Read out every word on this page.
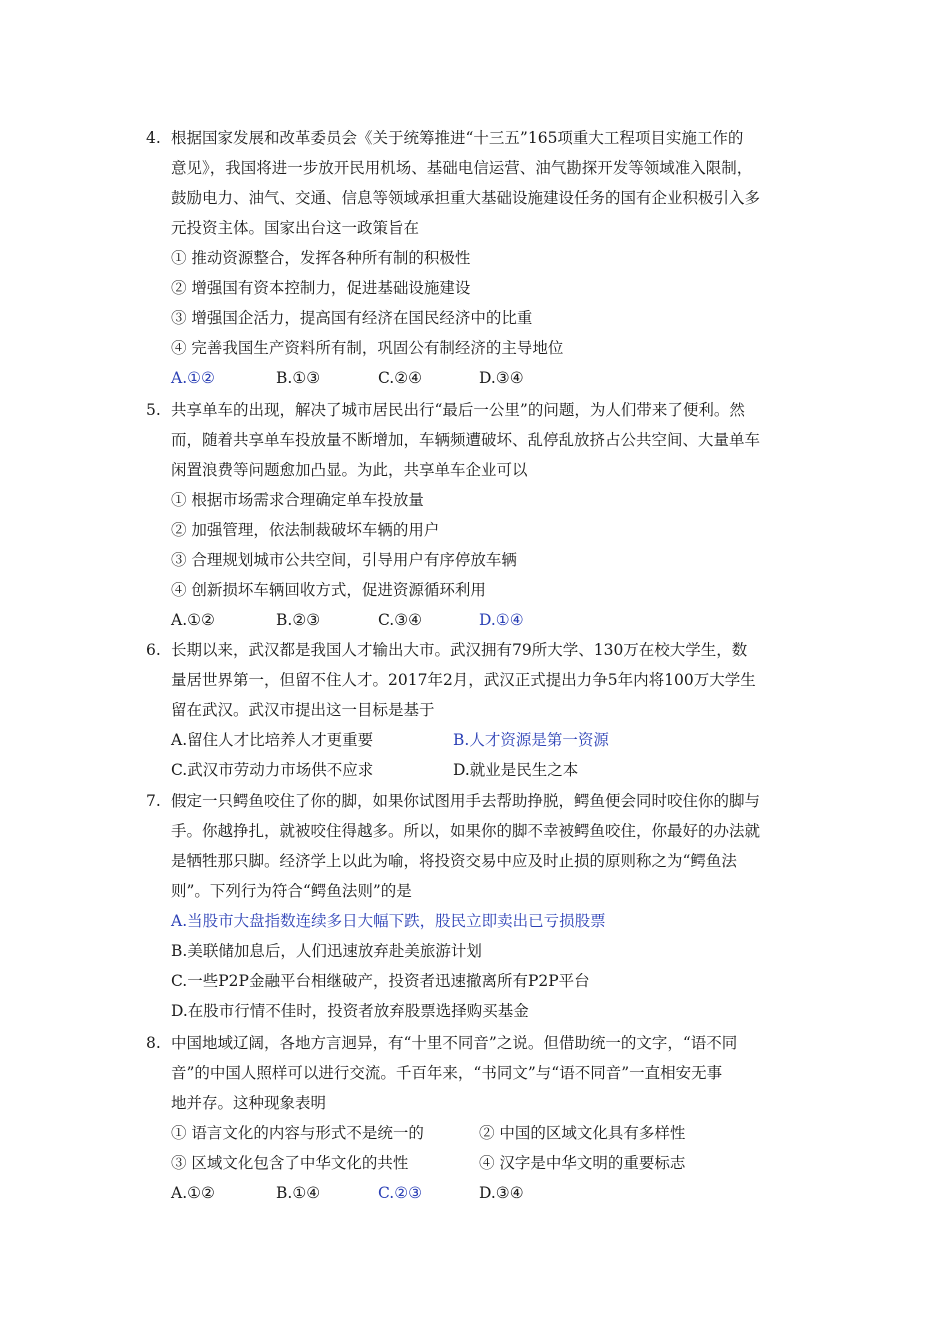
4. 根据国家发展和改革委员会《关于统筹推进“十三五”165项重大工程项目实施工作的
意见》，我国将进一步放开民用机场、基础电信运营、油气勘探开发等领域准入限制，
鼓励电力、油气、交通、信息等领域承担重大基础设施建设任务的国有企业积极引入多
元投资主体。国家出台这一政策旨在
① 推动资源整合，发挥各种所有制的积极性
② 增强国有资本控制力，促进基础设施建设
③ 增强国企活力，提高国有经济在国民经济中的比重
④ 完善我国生产资料所有制，巩固公有制经济的主导地位
A.①②	B.①③	C.②④	D.③④
5. 共享单车的出现，解决了城市居民出行“最后一公里”的问题，为人们带来了便利。然
而，随着共享单车投放量不断增加，车辆频遭破坏、乱停乱放挤占公共空间、大量单车
闲置浪费等问题愈加凸显。为此，共享单车企业可以
① 根据市场需求合理确定单车投放量
② 加强管理，依法制裁破坏车辆的用户
③ 合理规划城市公共空间，引导用户有序停放车辆
④ 创新损坏车辆回收方式，促进资源循环利用
A.①②	B.②③	C.③④	D.①④
6. 长期以来，武汉都是我国人才输出大市。武汉拥有79所大学、130万在校大学生，数
量居世界第一，但留不住人才。2017年2月，武汉正式提出力争5年内将100万大学生
留在武汉。武汉市提出这一目标是基于
A.留住人才比培养人才更重要	B.人才资源是第一资源
C.武汉市劳动力市场供不应求	D.就业是民生之本
7. 假定一只鳄鱼咬住了你的脚，如果你试图用手去帮助挣脱，鳄鱼便会同时咬住你的脚与
手。你越挣扎，就被咬住得越多。所以，如果你的脚不幸被鳄鱼咬住，你最好的办法就
是牺牲那只脚。经济学上以此为喻，将投资交易中应及时止损的原则称之为“鳄鱼法
则”。下列行为符合“鳄鱼法则”的是
A.当股市大盘指数连续多日大幅下跌，股民立即卖出已亏损股票
B.美联储加息后，人们迅速放弃赴美旅游计划
C.一些P2P金融平台相继破产，投资者迅速撤离所有P2P平台
D.在股市行情不佳时，投资者放弃股票选择购买基金
8. 中国地域辽阔，各地方言迥异，有“十里不同音”之说。但借助统一的文字，“语不同
音”的中国人照样可以进行交流。千百年来，“书同文”与“语不同音”一直相安无事
地并存。这种现象表明
① 语言文化的内容与形式不是统一的	② 中国的区域文化具有多样性
③ 区域文化包含了中华文化的共性	④ 汉字是中华文明的重要标志
A.①②	B.①④	C.②③	D.③④
